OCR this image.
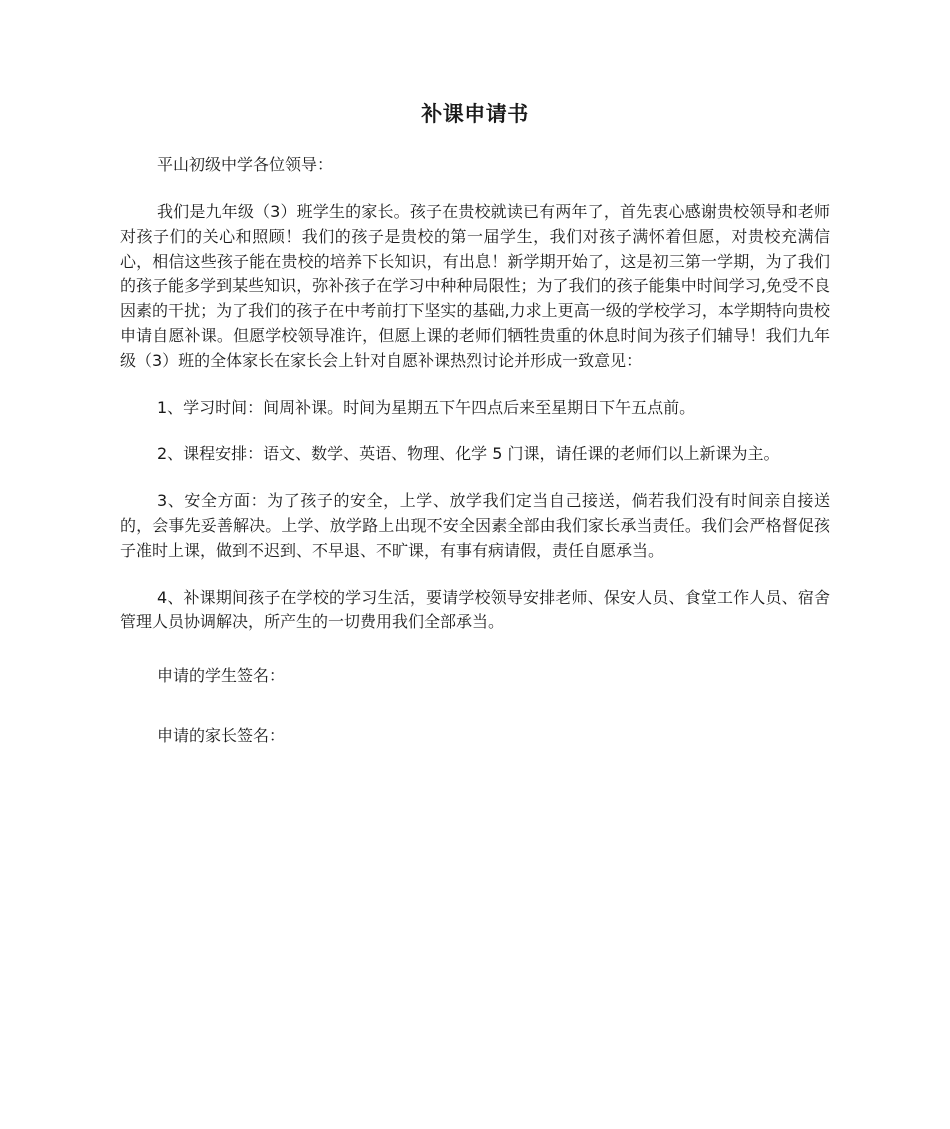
补课申请书

平山初级中学各位领导：

我们是九年级（3）班学生的家长。孩子在贵校就读已有两年了，首先衷心感谢贵校领导和老师对孩子们的关心和照顾！我们的孩子是贵校的第一届学生，我们对孩子满怀着但愿，对贵校充满信心，相信这些孩子能在贵校的培养下长知识，有出息！新学期开始了，这是初三第一学期，为了我们的孩子能多学到某些知识，弥补孩子在学习中种种局限性；为了我们的孩子能集中时间学习,免受不良因素的干扰；为了我们的孩子在中考前打下坚实的基础,力求上更高一级的学校学习，本学期特向贵校申请自愿补课。但愿学校领导准许，但愿上课的老师们牺牲贵重的休息时间为孩子们辅导！我们九年级（3）班的全体家长在家长会上针对自愿补课热烈讨论并形成一致意见：

1、学习时间：间周补课。时间为星期五下午四点后来至星期日下午五点前。

2、课程安排：语文、数学、英语、物理、化学 5 门课，请任课的老师们以上新课为主。

3、安全方面：为了孩子的安全，上学、放学我们定当自己接送，倘若我们没有时间亲自接送的，会事先妥善解决。上学、放学路上出现不安全因素全部由我们家长承当责任。我们会严格督促孩子准时上课，做到不迟到、不早退、不旷课，有事有病请假，责任自愿承当。

4、补课期间孩子在学校的学习生活，要请学校领导安排老师、保安人员、食堂工作人员、宿舍管理人员协调解决，所产生的一切费用我们全部承当。

申请的学生签名：

申请的家长签名：
